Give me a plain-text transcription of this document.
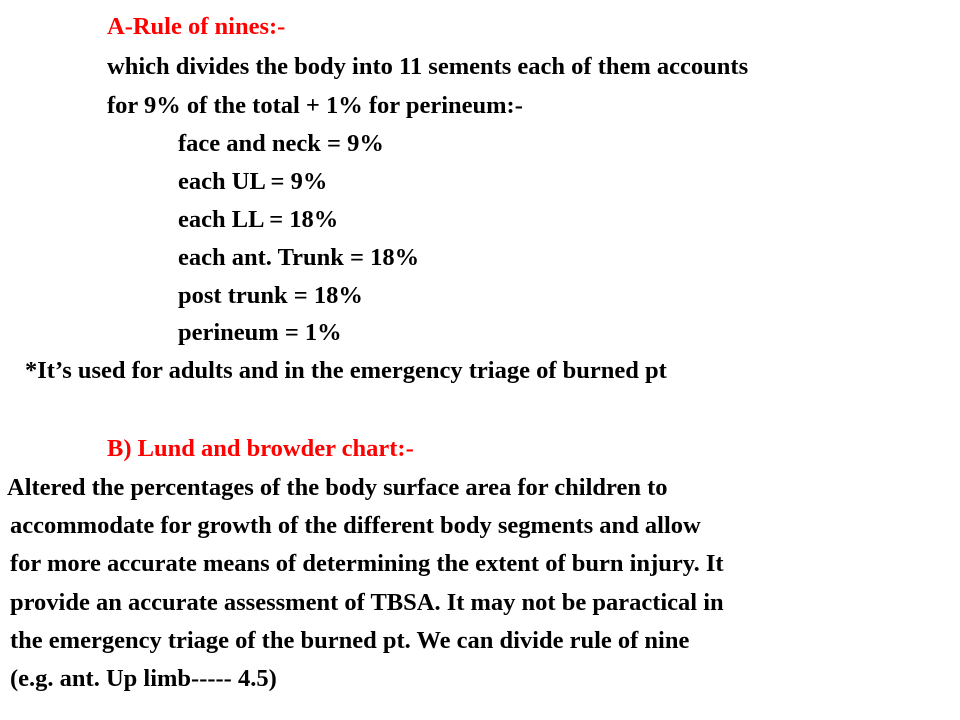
A-Rule of nines:-
which divides the body into 11 sements each of them accounts
for 9% of the total + 1% for perineum:-
face and neck = 9%
each UL = 9%
each LL = 18%
each ant. Trunk = 18%
post trunk = 18%
perineum = 1%
*It’s used for adults and in the emergency triage of burned pt
B) Lund and browder chart:-
Altered the percentages of the body surface area for children to
accommodate for growth of the different body segments and allow
for more accurate means of determining the extent of burn injury. It
provide an accurate assessment of TBSA. It may not be paractical in
the emergency triage of the burned pt. We can divide rule of nine
(e.g. ant. Up limb----- 4.5)
